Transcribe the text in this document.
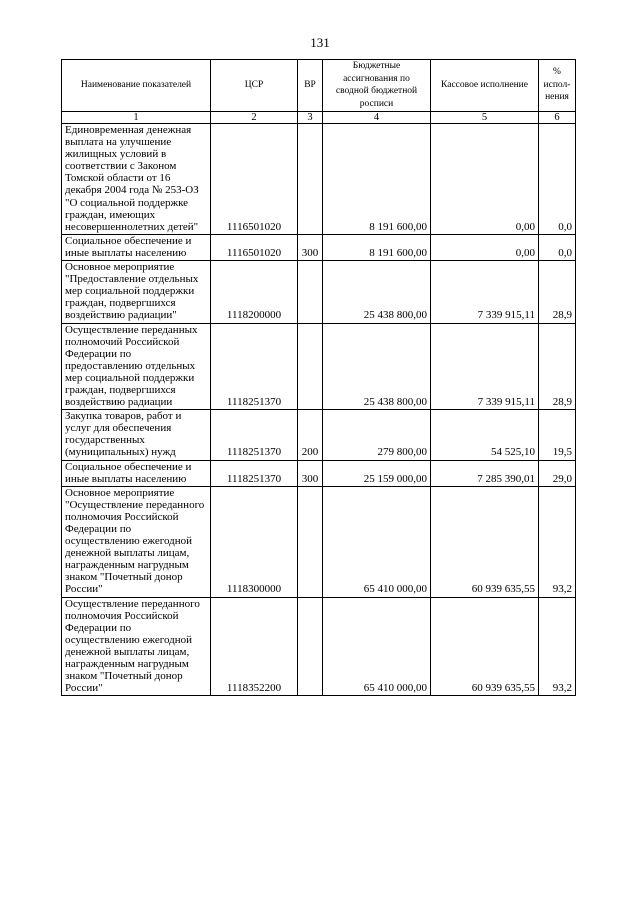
131
Наименование показателей	ЦСР	ВР	Бюджетные ассигнования по сводной бюджетной росписи	Кассовое исполнение	% испол-нения
1	2	3	4	5	6
Единовременная денежная выплата на улучшение жилищных условий в соответствии с Законом Томской области от 16 декабря 2004 года № 253-ОЗ "О социальной поддержке граждан, имеющих несовершеннолетних детей"	1116501020		8 191 600,00	0,00	0,0
Социальное обеспечение и иные выплаты населению	1116501020	300	8 191 600,00	0,00	0,0
Основное мероприятие "Предоставление отдельных мер социальной поддержки граждан, подвергшихся воздействию радиации"	1118200000		25 438 800,00	7 339 915,11	28,9
Осуществление переданных полномочий Российской Федерации по предоставлению отдельных мер социальной поддержки граждан, подвергшихся воздействию радиации	1118251370		25 438 800,00	7 339 915,11	28,9
Закупка товаров, работ и услуг для обеспечения государственных (муниципальных) нужд	1118251370	200	279 800,00	54 525,10	19,5
Социальное обеспечение и иные выплаты населению	1118251370	300	25 159 000,00	7 285 390,01	29,0
Основное мероприятие "Осуществление переданного полномочия Российской Федерации по осуществлению ежегодной денежной выплаты лицам, награжденным нагрудным знаком "Почетный донор России"	1118300000		65 410 000,00	60 939 635,55	93,2
Осуществление переданного полномочия Российской Федерации по осуществлению ежегодной денежной выплаты лицам, награжденным нагрудным знаком "Почетный донор России"	1118352200		65 410 000,00	60 939 635,55	93,2
